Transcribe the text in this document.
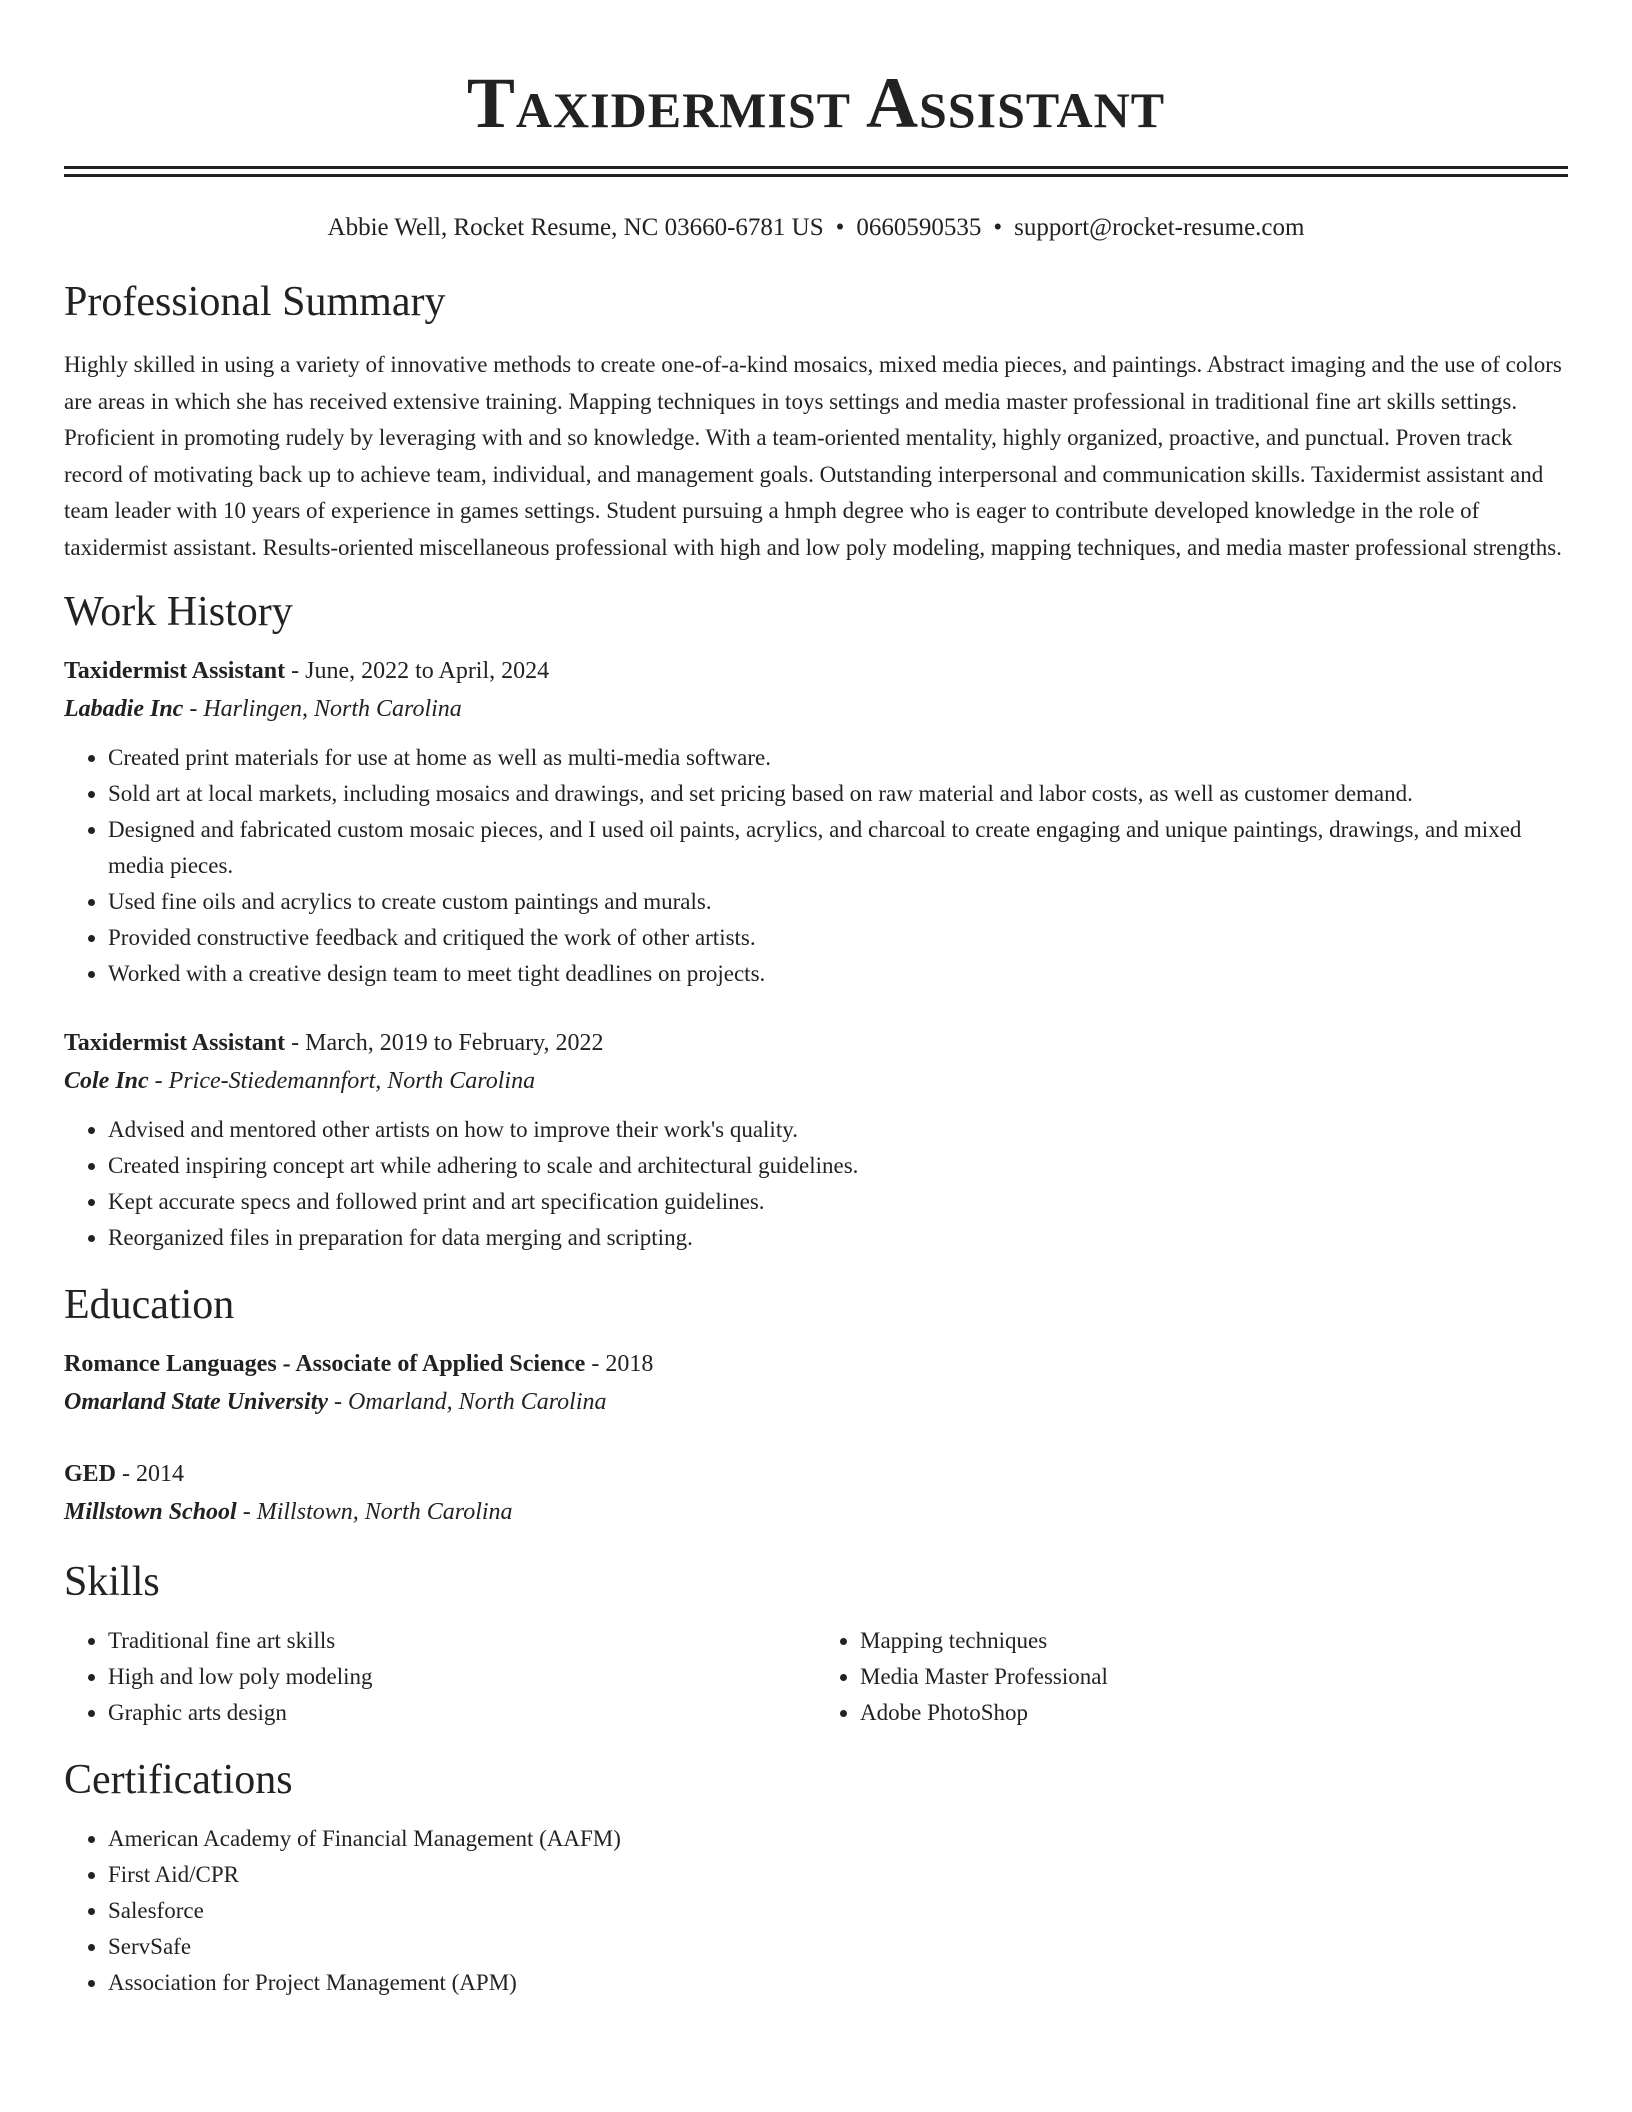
Taxidermist Assistant
Abbie Well, Rocket Resume, NC 03660-6781 US • 0660590535 • support@rocket-resume.com
Professional Summary

Highly skilled in using a variety of innovative methods to create one-of-a-kind mosaics, mixed media pieces, and paintings. Abstract imaging and the use of colors are areas in which she has received extensive training. Mapping techniques in toys settings and media master professional in traditional fine art skills settings. Proficient in promoting rudely by leveraging with and so knowledge. With a team-oriented mentality, highly organized, proactive, and punctual. Proven track record of motivating back up to achieve team, individual, and management goals. Outstanding interpersonal and communication skills. Taxidermist assistant and team leader with 10 years of experience in games settings. Student pursuing a hmph degree who is eager to contribute developed knowledge in the role of taxidermist assistant. Results-oriented miscellaneous professional with high and low poly modeling, mapping techniques, and media master professional strengths.

Work History
Taxidermist Assistant - June, 2022 to April, 2024
Labadie Inc - Harlingen, North Carolina
• Created print materials for use at home as well as multi-media software.
• Sold art at local markets, including mosaics and drawings, and set pricing based on raw material and labor costs, as well as customer demand.
• Designed and fabricated custom mosaic pieces, and I used oil paints, acrylics, and charcoal to create engaging and unique paintings, drawings, and mixed media pieces.
• Used fine oils and acrylics to create custom paintings and murals.
• Provided constructive feedback and critiqued the work of other artists.
• Worked with a creative design team to meet tight deadlines on projects.
Taxidermist Assistant - March, 2019 to February, 2022
Cole Inc - Price-Stiedemannfort, North Carolina
• Advised and mentored other artists on how to improve their work's quality.
• Created inspiring concept art while adhering to scale and architectural guidelines.
• Kept accurate specs and followed print and art specification guidelines.
• Reorganized files in preparation for data merging and scripting.
Education
Romance Languages - Associate of Applied Science - 2018
Omarland State University - Omarland, North Carolina
GED - 2014
Millstown School - Millstown, North Carolina
Skills
• Traditional fine art skills
• High and low poly modeling
• Graphic arts design
• Mapping techniques
• Media Master Professional
• Adobe PhotoShop
Certifications
• American Academy of Financial Management (AAFM)
• First Aid/CPR
• Salesforce
• ServSafe
• Association for Project Management (APM)
